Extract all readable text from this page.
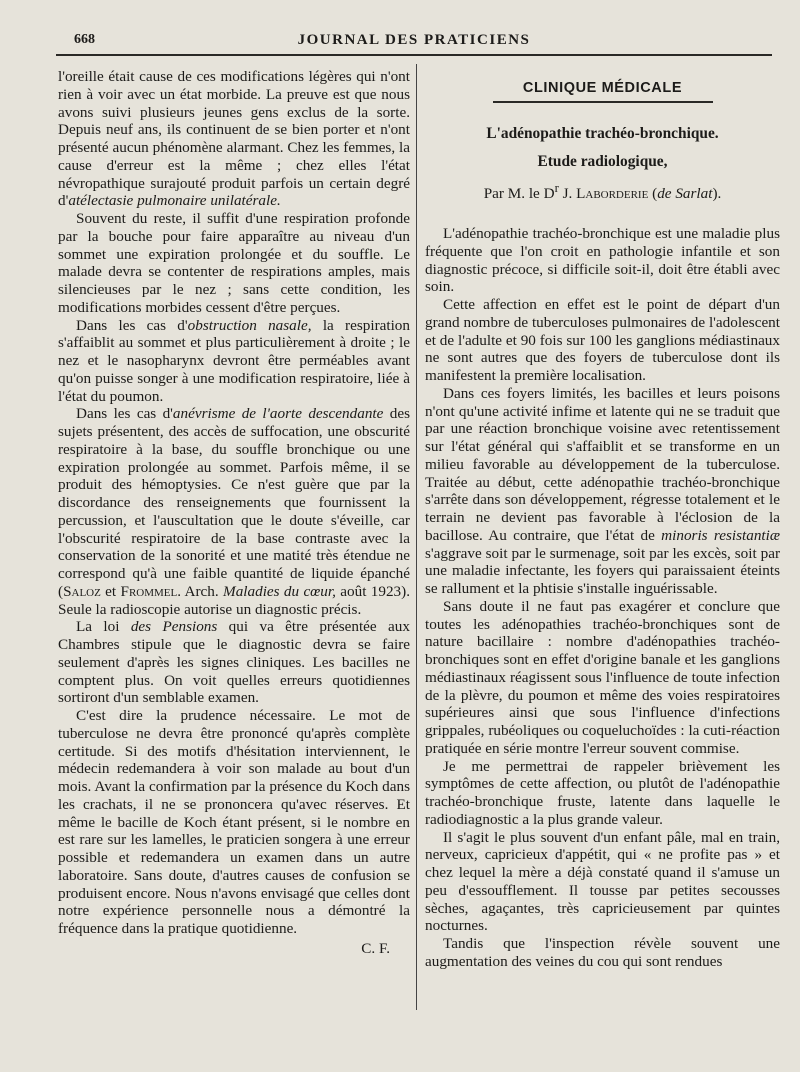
668	JOURNAL DES PRATICIENS

l'oreille était cause de ces modifications légères qui n'ont rien à voir avec un état morbide. La preuve est que nous avons suivi plusieurs jeunes gens exclus de la sorte. Depuis neuf ans, ils continuent de se bien porter et n'ont présenté aucun phénomène alarmant. Chez les femmes, la cause d'erreur est la même ; chez elles l'état névropathique surajouté produit parfois un certain degré d'atélectasie pulmonaire unilatérale.

Souvent du reste, il suffit d'une respiration profonde par la bouche pour faire apparaître au niveau d'un sommet une expiration prolongée et du souffle. Le malade devra se contenter de respirations amples, mais silencieuses par le nez ; sans cette condition, les modifications morbides cessent d'être perçues.

Dans les cas d'obstruction nasale, la respiration s'affaiblit au sommet et plus particulièrement à droite ; le nez et le nasopharynx devront être perméables avant qu'on puisse songer à une modification respiratoire, liée à l'état du poumon.

Dans les cas d'anévrisme de l'aorte descendante des sujets présentent, des accès de suffocation, une obscurité respiratoire à la base, du souffle bronchique ou une expiration prolongée au sommet. Parfois même, il se produit des hémoptysies. Ce n'est guère que par la discordance des renseignements que fournissent la percussion, et l'auscultation que le doute s'éveille, car l'obscurité respiratoire de la base contraste avec la conservation de la sonorité et une matité très étendue ne correspond qu'à une faible quantité de liquide épanché (Saloz et Frommel. Arch. Maladies du cœur, août 1923). Seule la radioscopie autorise un diagnostic précis.

La loi des Pensions qui va être présentée aux Chambres stipule que le diagnostic devra se faire seulement d'après les signes cliniques. Les bacilles ne comptent plus. On voit quelles erreurs quotidiennes sortiront d'un semblable examen.

C'est dire la prudence nécessaire. Le mot de tuberculose ne devra être prononcé qu'après complète certitude. Si des motifs d'hésitation interviennent, le médecin redemandera à voir son malade au bout d'un mois. Avant la confirmation par la présence du Koch dans les crachats, il ne se prononcera qu'avec réserves. Et même le bacille de Koch étant présent, si le nombre en est rare sur les lamelles, le praticien songera à une erreur possible et redemandera un examen dans un autre laboratoire. Sans doute, d'autres causes de confusion se produisent encore. Nous n'avons envisagé que celles dont notre expérience personnelle nous a démontré la fréquence dans la pratique quotidienne.

C. F.

CLINIQUE MÉDICALE

L'adénopathie trachéo-bronchique.

Etude radiologique,

Par M. le $D^r$ J. Laborderie (de Sarlat).

L'adénopathie trachéo-bronchique est une maladie plus fréquente que l'on croit en pathologie infantile et son diagnostic précoce, si difficile soit-il, doit être établi avec soin.

Cette affection en effet est le point de départ d'un grand nombre de tuberculoses pulmonaires de l'adolescent et de l'adulte et 90 fois sur 100 les ganglions médiastinaux ne sont autres que des foyers de tuberculose dont ils manifestent la première localisation.

Dans ces foyers limités, les bacilles et leurs poisons n'ont qu'une activité infime et latente qui ne se traduit que par une réaction bronchique voisine avec retentissement sur l'état général qui s'affaiblit et se transforme en un milieu favorable au développement de la tuberculose. Traitée au début, cette adénopathie trachéo-bronchique s'arrête dans son développement, régresse totalement et le terrain ne devient pas favorable à l'éclosion de la bacillose. Au contraire, que l'état de minoris resistantiæ s'aggrave soit par le surmenage, soit par les excès, soit par une maladie infectante, les foyers qui paraissaient éteints se rallument et la phtisie s'installe inguérissable.

Sans doute il ne faut pas exagérer et conclure que toutes les adénopathies trachéo-bronchiques sont de nature bacillaire : nombre d'adénopathies trachéo-bronchiques sont en effet d'origine banale et les ganglions médiastinaux réagissent sous l'influence de toute infection de la plèvre, du poumon et même des voies respiratoires supérieures ainsi que sous l'influence d'infections grippales, rubéoliques ou coqueluchoïdes : la cuti-réaction pratiquée en série montre l'erreur souvent commise.

Je me permettrai de rappeler brièvement les symptômes de cette affection, ou plutôt de l'adénopathie trachéo-bronchique fruste, latente dans laquelle le radiodiagnostic a la plus grande valeur.

Il s'agit le plus souvent d'un enfant pâle, mal en train, nerveux, capricieux d'appétit, qui « ne profite pas » et chez lequel la mère a déjà constaté quand il s'amuse un peu d'essoufflement. Il tousse par petites secousses sèches, agaçantes, très capricieusement par quintes nocturnes.

Tandis que l'inspection révèle souvent une augmentation des veines du cou qui sont rendues
